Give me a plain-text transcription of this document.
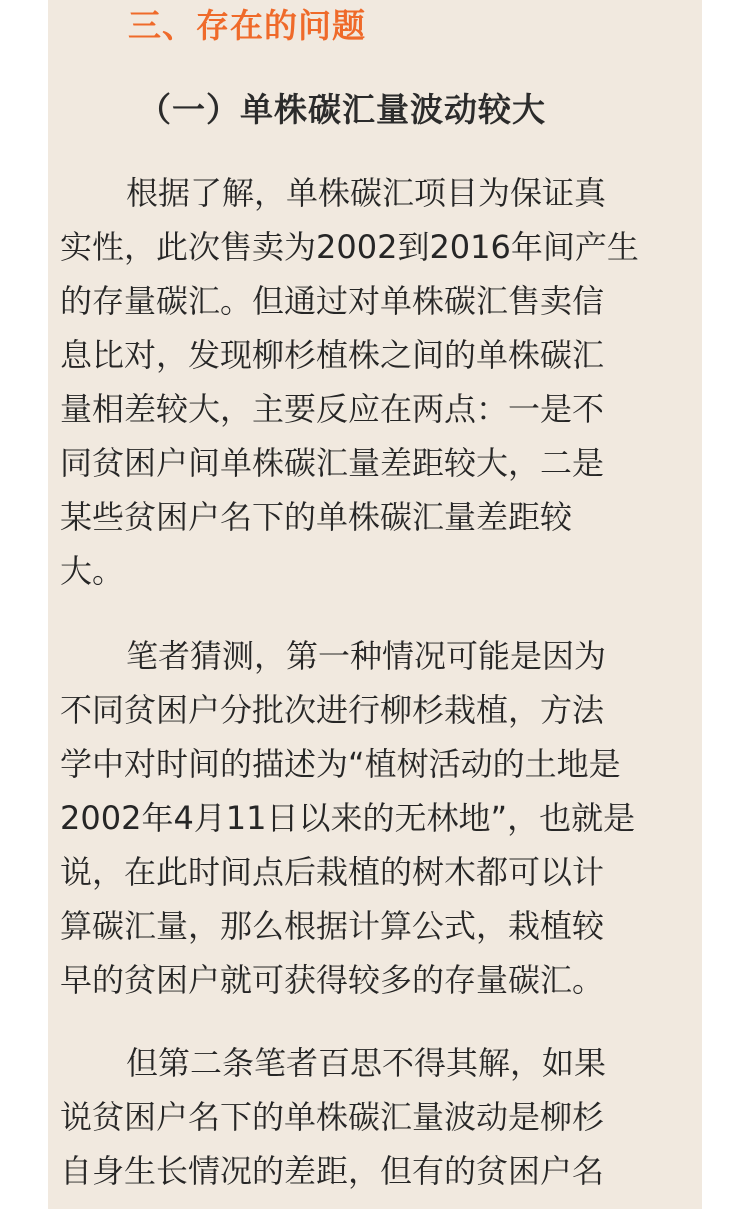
三、存在的问题
（一）单株碳汇量波动较大

根据了解，单株碳汇项目为保证真
实性，此次售卖为2002到2016年间产生
的存量碳汇。但通过对单株碳汇售卖信
息比对，发现柳杉植株之间的单株碳汇
量相差较大，主要反应在两点：一是不
同贫困户间单株碳汇量差距较大，二是
某些贫困户名下的单株碳汇量差距较
大。

笔者猜测，第一种情况可能是因为
不同贫困户分批次进行柳杉栽植，方法
学中对时间的描述为“植树活动的土地是
2002年4月11日以来的无林地”，也就是
说，在此时间点后栽植的树木都可以计
算碳汇量，那么根据计算公式，栽植较
早的贫困户就可获得较多的存量碳汇。

但第二条笔者百思不得其解，如果
说贫困户名下的单株碳汇量波动是柳杉
自身生长情况的差距，但有的贫困户名
